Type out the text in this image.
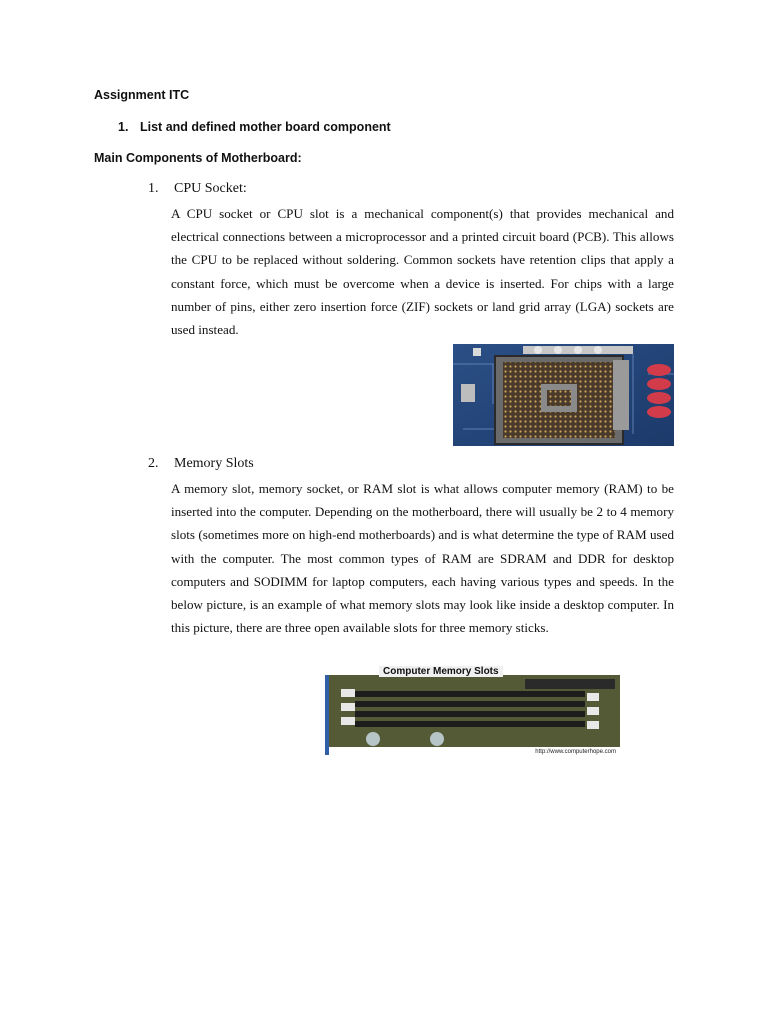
Assignment ITC
1. List and defined mother board component
Main Components of Motherboard:
1. CPU Socket:

A CPU socket or CPU slot is a mechanical component(s) that provides mechanical and electrical connections between a microprocessor and a printed circuit board (PCB). This allows the CPU to be replaced without soldering. Common sockets have retention clips that apply a constant force, which must be overcome when a device is inserted. For chips with a large number of pins, either zero insertion force (ZIF) sockets or land grid array (LGA) sockets are used instead.

2. Memory Slots

A memory slot, memory socket, or RAM slot is what allows computer memory (RAM) to be inserted into the computer. Depending on the motherboard, there will usually be 2 to 4 memory slots (sometimes more on high-end motherboards) and is what determine the type of RAM used with the computer. The most common types of RAM are SDRAM and DDR for desktop computers and SODIMM for laptop computers, each having various types and speeds. In the below picture, is an example of what memory slots may look like inside a desktop computer. In this picture, there are three open available slots for three memory sticks.

Computer Memory Slots
http://www.computerhope.com
